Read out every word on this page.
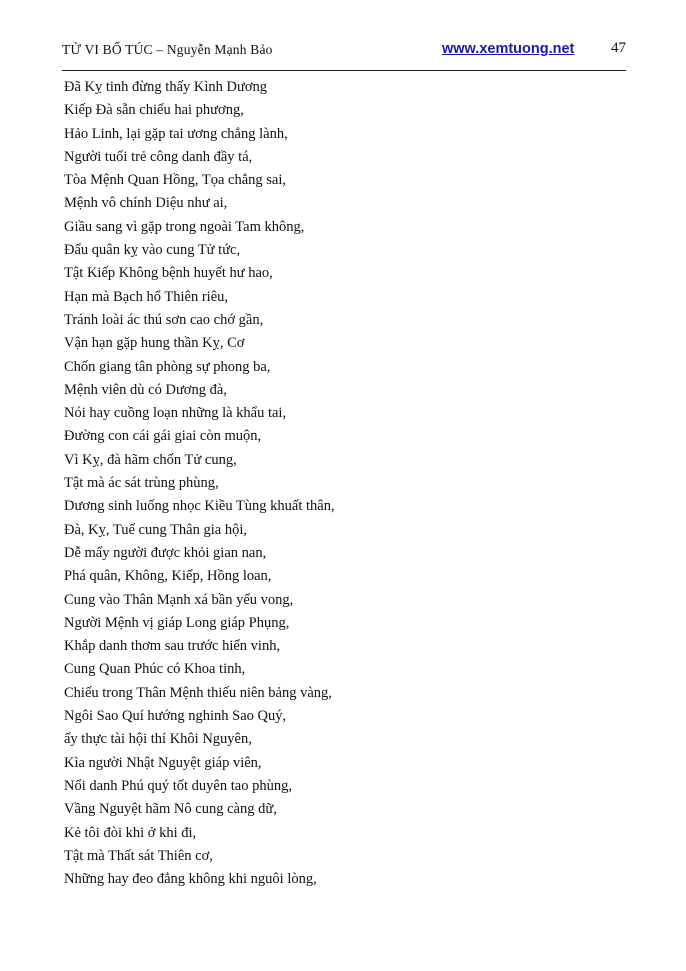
TỬ VI BỔ TÚC – Nguyễn Mạnh Bảo	www.xemtuong.net 47
Đã Kỵ tinh đừng thấy Kình Dương
Kiếp Đà sẵn chiếu hai phương,
Hảo Linh, lại gặp tai ương chẳng lành,
Người tuổi trẻ công danh đầy tá,
Tòa Mệnh Quan Hồng, Tọa chẳng sai,
Mệnh vô chính Diệu như ai,
Giầu sang vì gặp trong ngoài Tam không,
Đẩu quân kỵ vào cung Tử tức,
Tật Kiếp Không bệnh huyết hư hao,
Hạn mà Bạch hổ Thiên riêu,
Tránh loài ác thú sơn cao chớ gần,
Vận hạn gặp hung thần Kỵ, Cơ
Chốn giang tân phòng sự phong ba,
Mệnh viên dù có Dương đà,
Nói hay cuồng loạn những là khẩu tai,
Đường con cái gái giai còn muộn,
Vì Kỵ, đà hãm chốn Tử cung,
Tật mà ác sát trùng phùng,
Dương sinh luống nhọc Kiều Tùng khuất thân,
Đà, Kỵ, Tuế cung Thân gia hội,
Dễ mấy người được khỏi gian nan,
Phá quân, Không, Kiếp, Hồng loan,
Cung vào Thân Mạnh xá bần yểu vong,
Người Mệnh vị giáp Long giáp Phụng,
Khắp danh thơm sau trước hiển vinh,
Cung Quan Phúc có Khoa tinh,
Chiếu trong Thân Mệnh thiếu niên bảng vàng,
Ngôi Sao Quí hướng nghinh Sao Quý,
ấy thực tài hội thí Khôi Nguyên,
Kìa người Nhật Nguyệt giáp viên,
Nổi danh Phú quý tốt duyên tao phùng,
Vầng Nguyệt hãm Nô cung càng dữ,
Kẻ tôi đòi khi ở khi đi,
Tật mà Thất sát Thiên cơ,
Những hay đeo đẳng không khi nguôi lòng,
